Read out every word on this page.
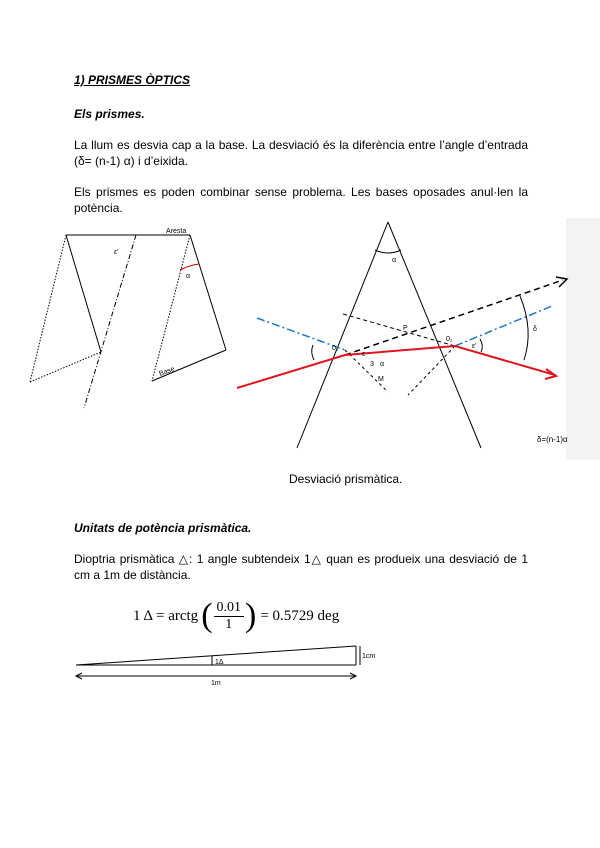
1) PRISMES ÒPTICS
Els prismes.
La llum es desvia cap a la base. La desviació és la diferència entre l’angle d’entrada
(δ= (n-1) α) i d’eixida.
Els prismes es poden combinar sense problema. Les bases oposades anul·len la
potència.
Aresta
α
ε'
Base
α
δ
0₁
0₂
P
M
3 α
ε
ε'
δ=(n-1)α
1Δ
1cm
1m
Desviació prismàtica.
Unitats de potència prismàtica.
Dioptria prismàtica △: 1 angle subtendeix 1△ quan es produeix una desviació de 1
cm a 1m de distància.
1 Δ = arctg ( $\frac{0.01}{1}$ ) = 0.5729 deg
